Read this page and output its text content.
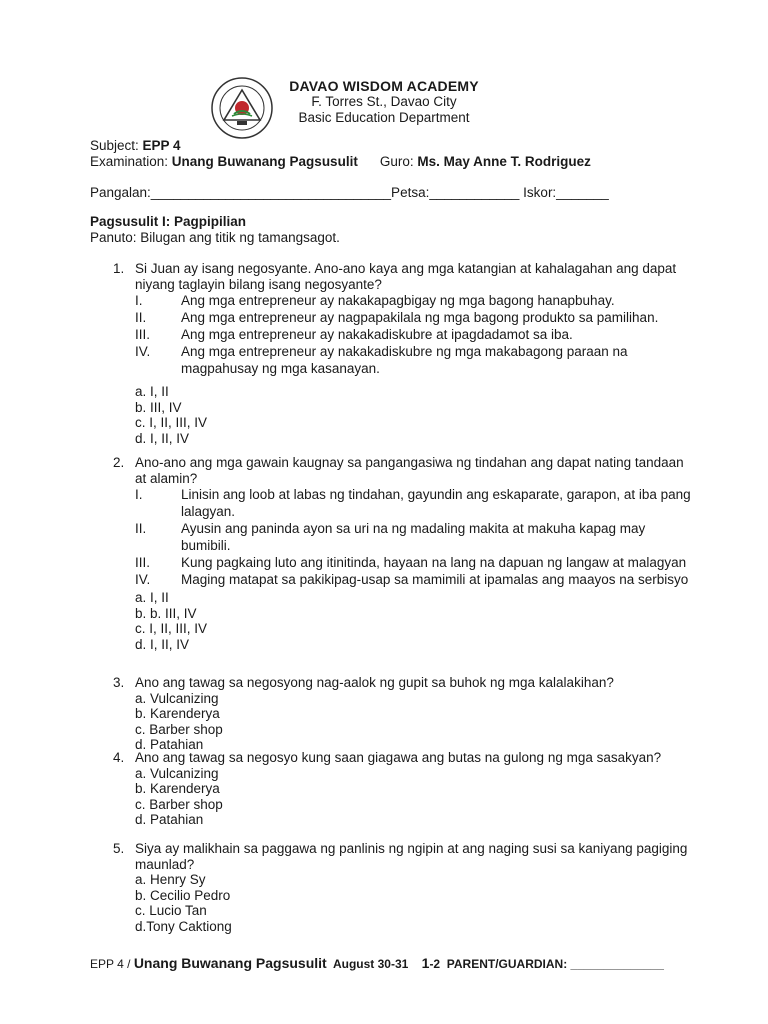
DAVAO WISDOM ACADEMY
F. Torres St., Davao City
Basic Education Department
Subject: EPP 4
Examination: Unang Buwanang Pagsusulit Guro: Ms. May Anne T. Rodriguez
Pangalan:________________________________Petsa:____________ Iskor:_______
Pagsusulit I: Pagpipilian
Panuto: Bilugan ang titik ng tamangsagot.
1. Si Juan ay isang negosyante. Ano-ano kaya ang mga katangian at kahalagahan ang dapat niyang taglayin bilang isang negosyante?
I.	Ang mga entrepreneur ay nakakapagbigay ng mga bagong hanapbuhay.
II.	Ang mga entrepreneur ay nagpapakilala ng mga bagong produkto sa pamilihan.
III.	Ang mga entrepreneur ay nakakadiskubre at ipagdadamot sa iba.
IV.	Ang mga entrepreneur ay nakakadiskubre ng mga makabagong paraan na magpahusay ng mga kasanayan.
a. I, II
b. III, IV
c. I, II, III, IV
d. I, II, IV
2. Ano-ano ang mga gawain kaugnay sa pangangasiwa ng tindahan ang dapat nating tandaan at alamin?
I.	Linisin ang loob at labas ng tindahan, gayundin ang eskaparate, garapon, at iba pang lalagyan.
II.	Ayusin ang paninda ayon sa uri na ng madaling makita at makuha kapag may bumibili.
III.	Kung pagkaing luto ang itinitinda, hayaan na lang na dapuan ng langaw at malagyan
IV.	Maging matapat sa pakikipag-usap sa mamimili at ipamalas ang maayos na serbisyo
a. I, II
b. b. III, IV
c. I, II, III, IV
d. I, II, IV
3. Ano ang tawag sa negosyong nag-aalok ng gupit sa buhok ng mga kalalakihan?
a. Vulcanizing
b. Karenderya
c. Barber shop
d. Patahian
4. Ano ang tawag sa negosyo kung saan giagawa ang butas na gulong ng mga sasakyan?
a. Vulcanizing
b. Karenderya
c. Barber shop
d. Patahian
5. Siya ay malikhain sa paggawa ng panlinis ng ngipin at ang naging susi sa kaniyang pagiging maunlad?
a. Henry Sy
b. Cecilio Pedro
c. Lucio Tan
d.Tony Caktiong
EPP 4 / Unang Buwanang Pagsusulit  August 30-31    1-2  PARENT/GUARDIAN: ______________
